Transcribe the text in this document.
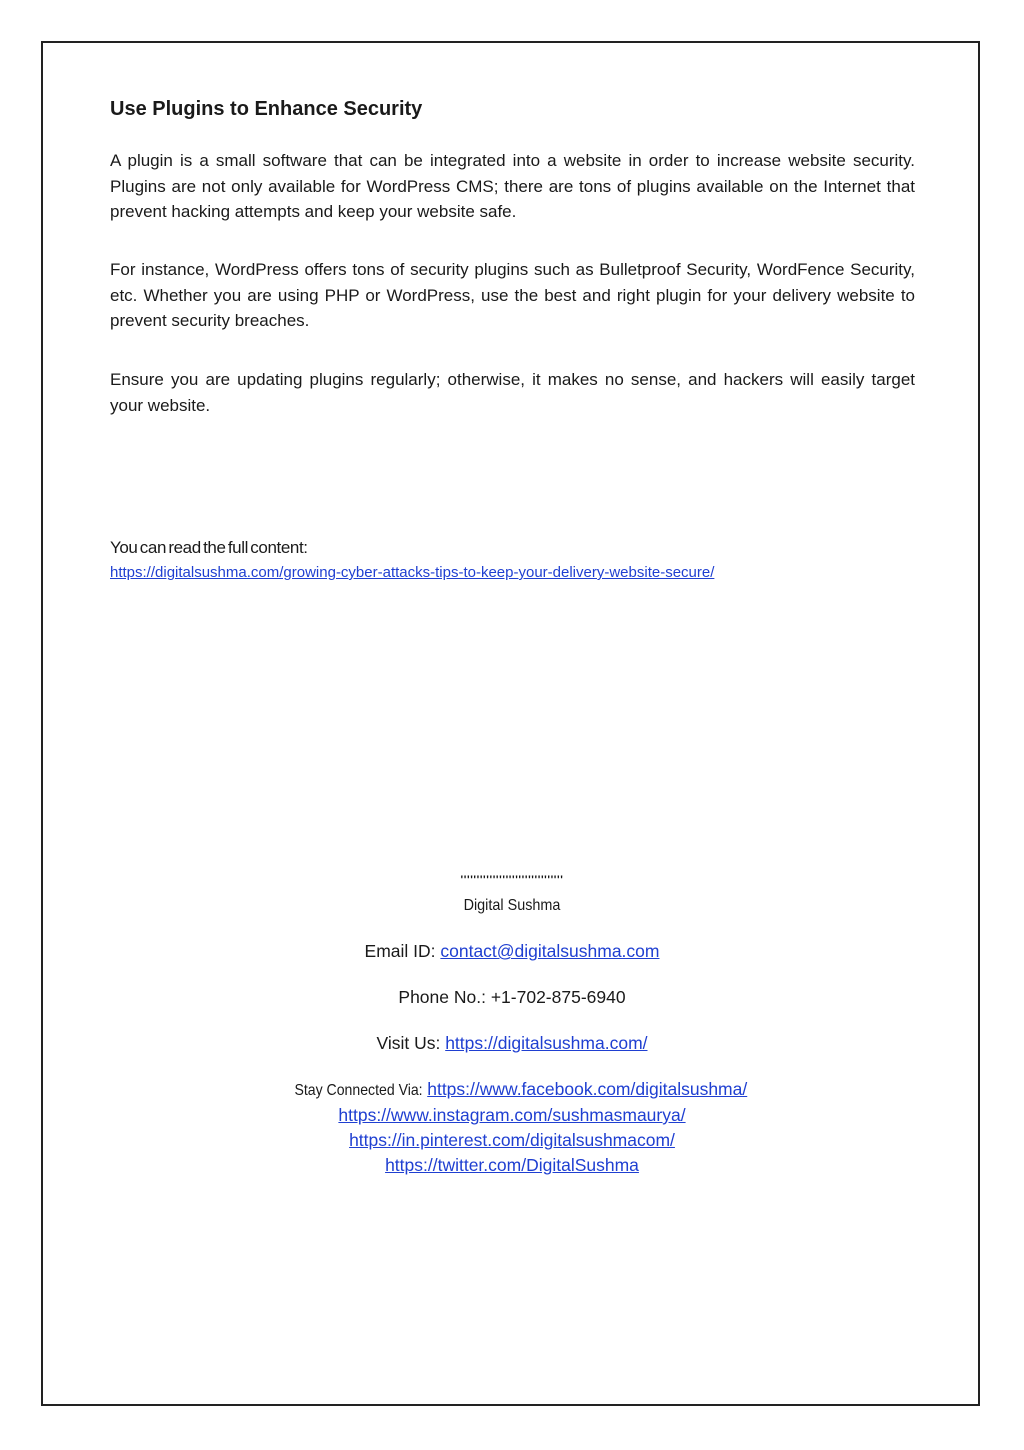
Use Plugins to Enhance Security

A plugin is a small software that can be integrated into a website in order to increase website security. Plugins are not only available for WordPress CMS; there are tons of plugins available on the Internet that prevent hacking attempts and keep your website safe.

For instance, WordPress offers tons of security plugins such as Bulletproof Security, WordFence Security, etc. Whether you are using PHP or WordPress, use the best and right plugin for your delivery website to prevent security breaches.

Ensure you are updating plugins regularly; otherwise, it makes no sense, and hackers will easily target your website.

You can read the full content:
https://digitalsushma.com/growing-cyber-attacks-tips-to-keep-your-delivery-website-secure/
''''''''''''''''''''''''''''''''
Digital Sushma
Email ID: contact@digitalsushma.com
Phone No.: +1-702-875-6940
Visit Us: https://digitalsushma.com/
Stay Connected Via: https://www.facebook.com/digitalsushma/
https://www.instagram.com/sushmasmaurya/
https://in.pinterest.com/digitalsushmacom/
https://twitter.com/DigitalSushma
